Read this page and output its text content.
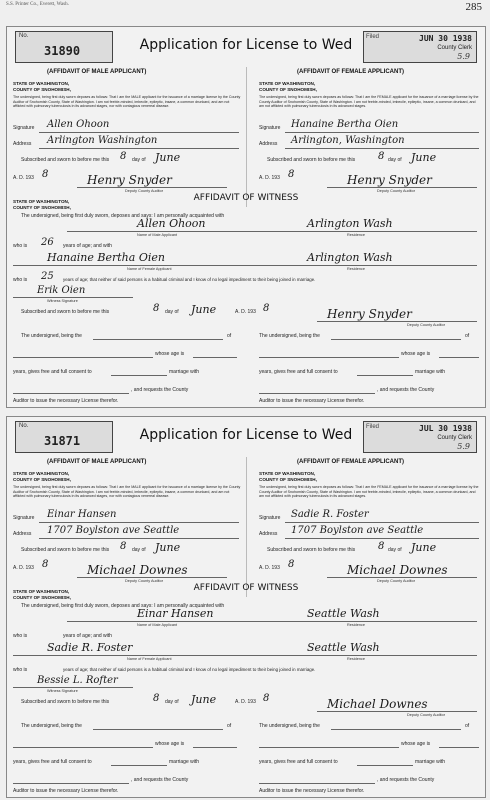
S.S. Printer Co., Everett, Wash.	285
No.
31890	Application for License to Wed	Filed	JUN 30 1938
County Clerk
5.9
(AFFIDAVIT OF MALE APPLICANT)	(AFFIDAVIT OF FEMALE APPLICANT)
STATE OF WASHINGTON,
COUNTY OF SNOHOMISH,
STATE OF WASHINGTON,
COUNTY OF SNOHOMISH,
The undersigned, being first duly sworn deposes as follows: That I am the MALE applicant for the issuance of a marriage license by the County Auditor of Snohomish County, State of Washington. I am not feeble-minded, imbecile, epileptic, insane, a common drunkard, and am not afflicted with pulmonary tuberculosis in its advanced stages, nor with contagious venereal disease.
The undersigned, being first duly sworn deposes as follows: That I am the FEMALE applicant for the issuance of a marriage license by the County Auditor of Snohomish County, State of Washington. I am not feeble-minded, imbecile, epileptic, insane, a common drunkard, and am not afflicted with pulmonary tuberculosis in its advanced stages.
Signature Allen Ohoon	Signature Hanaine Bertha Oien
Address Arlington Washington	Address Arlington, Washington
Subscribed and sworn to before me this 8 day of June	Subscribed and sworn to before me this 8 day of June
A. D. 193 8	Henry Snyder
Deputy County Auditor
A. D. 193 8	Henry Snyder
Deputy County Auditor
AFFIDAVIT OF WITNESS
STATE OF WASHINGTON,
COUNTY OF SNOHOMISH,
The undersigned, being first duly sworn, deposes and says: I am personally acquainted with
Allen Ohoon	Arlington Wash
Name of Male Applicant	Residence
who is 26 years of age; and with
Hanaine Bertha Oien	Arlington Wash
Name of Female Applicant	Residence
who is 25 years of age; that neither of said persons is a habitual criminal and I know of no legal impediment to their being joined in marriage.
Erik Oien
Witness Signature
Subscribed and sworn to before me this	8 day of June	A. D. 193 8	Henry Snyder
Deputy County Auditor
The undersigned, being the	of
whose age is
years, gives free and full consent to	marriage with
, and requests the County
Auditor to issue the necessary License therefor.
The undersigned, being the	of
whose age is
years, gives free and full consent to	marriage with
, and requests the County
Auditor to issue the necessary License therefor.
No.
31871	Application for License to Wed	Filed	JUL 30 1938
County Clerk
5.9
(AFFIDAVIT OF MALE APPLICANT)	(AFFIDAVIT OF FEMALE APPLICANT)
STATE OF WASHINGTON,
COUNTY OF SNOHOMISH,
STATE OF WASHINGTON,
COUNTY OF SNOHOMISH,
The undersigned, being first duly sworn deposes as follows: That I am the MALE applicant for the issuance of a marriage license by the County Auditor of Snohomish County, State of Washington. I am not feeble-minded, imbecile, epileptic, insane, a common drunkard, and am not afflicted with pulmonary tuberculosis in its advanced stages, nor with contagious venereal disease.
The undersigned, being first duly sworn deposes as follows: That I am the FEMALE applicant for the issuance of a marriage license by the County Auditor of Snohomish County, State of Washington. I am not feeble-minded, imbecile, epileptic, insane, a common drunkard, and am not afflicted with pulmonary tuberculosis in its advanced stages.
Signature Einar Hansen	Signature Sadie R. Foster
Address 1707 Boylston ave Seattle	Address 1707 Boylston ave Seattle
Subscribed and sworn to before me this 8 day of June	Subscribed and sworn to before me this 8 day of June
A. D. 193 8	Michael Downes
Deputy County Auditor
A. D. 193 8	Michael Downes
Deputy County Auditor
AFFIDAVIT OF WITNESS
STATE OF WASHINGTON,
COUNTY OF SNOHOMISH,
The undersigned, being first duly sworn, deposes and says: I am personally acquainted with
Einar Hansen	Seattle Wash
Name of Male Applicant	Residence
who is	years of age; and with
Sadie R. Foster	Seattle Wash
Name of Female Applicant	Residence
who is	years of age; that neither of said persons is a habitual criminal and I know of no legal impediment to their being joined in marriage.
Bessie L. Rofter
Witness Signature
Subscribed and sworn to before me this	8 day of June	A. D. 193 8	Michael Downes
Deputy County Auditor
The undersigned, being the	of
whose age is
years, gives free and full consent to	marriage with
, and requests the County
Auditor to issue the necessary License therefor.
The undersigned, being the	of
whose age is
years, gives free and full consent to	marriage with
, and requests the County
Auditor to issue the necessary License therefor.
